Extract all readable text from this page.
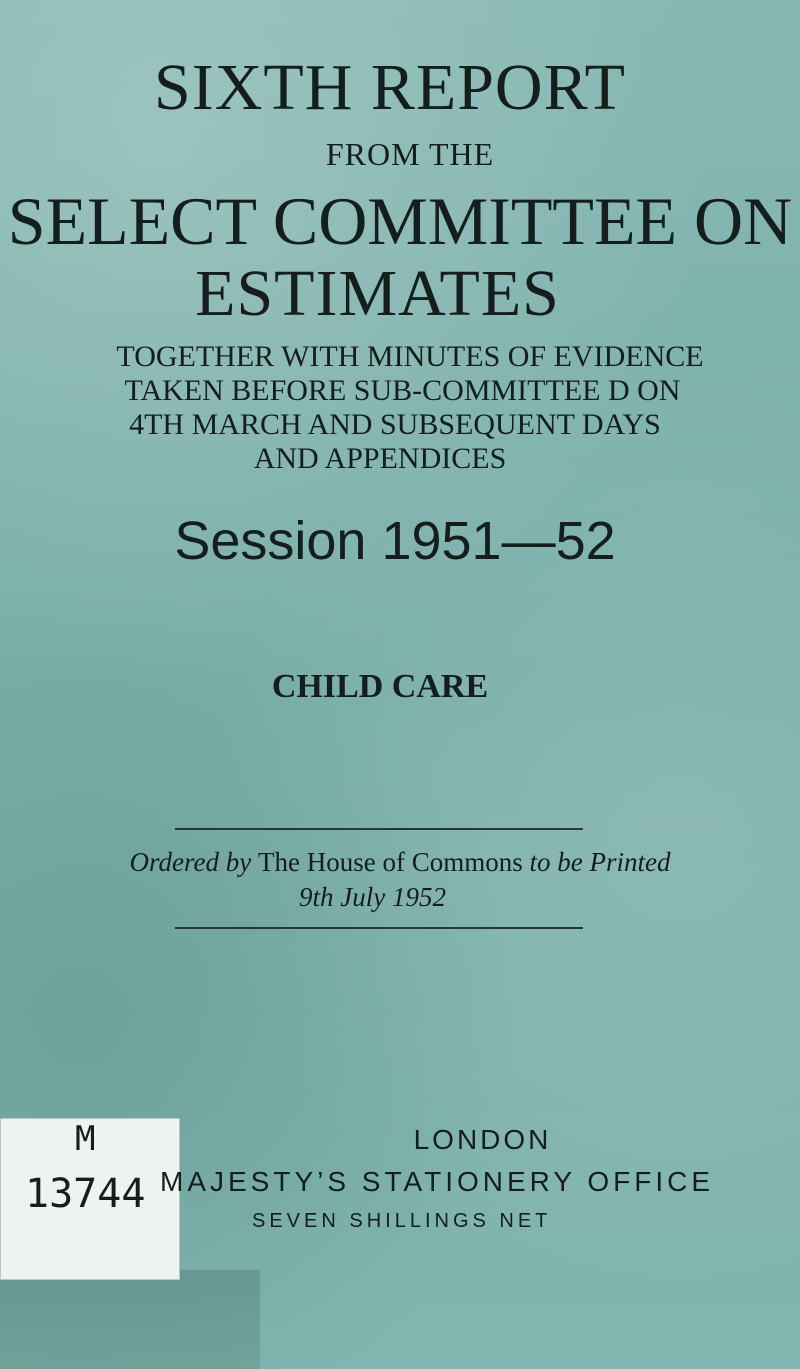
SIXTH REPORT
FROM THE
SELECT COMMITTEE ON
ESTIMATES
TOGETHER WITH MINUTES OF EVIDENCE
TAKEN BEFORE SUB-COMMITTEE D ON
4TH MARCH AND SUBSEQUENT DAYS
AND APPENDICES
Session 1951—52
CHILD CARE
Ordered by The House of Commons to be Printed
9th July 1952
M
13744
LONDON
MAJESTY’S STATIONERY OFFICE
SEVEN SHILLINGS NET
